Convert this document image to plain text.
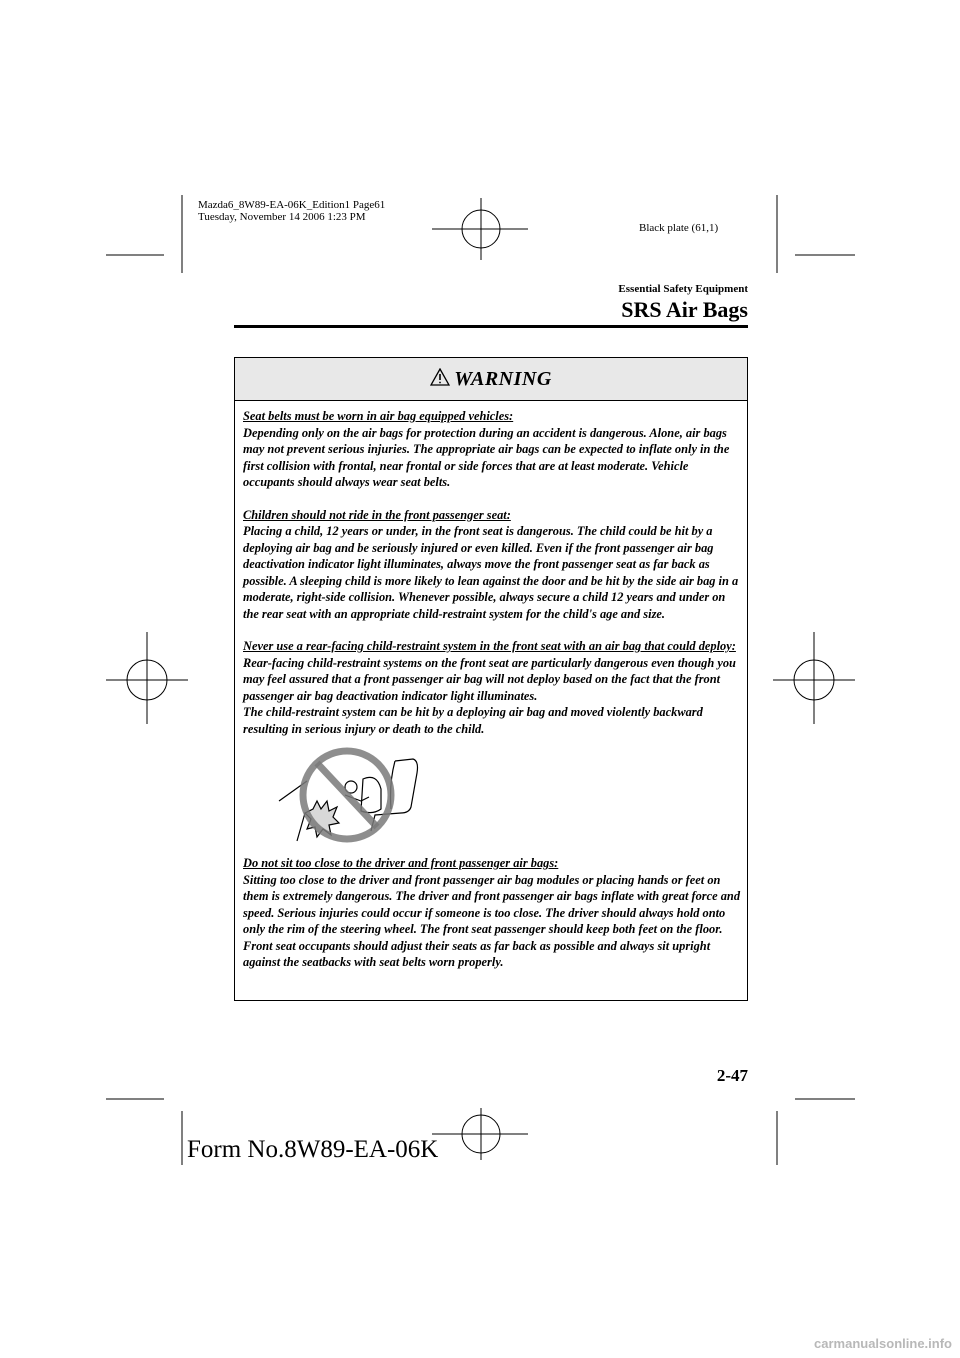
Mazda6_8W89-EA-06K_Edition1 Page61
Tuesday, November 14 2006 1:23 PM
Black plate (61,1)
Essential Safety Equipment
SRS Air Bags
WARNING

Seat belts must be worn in air bag equipped vehicles:
Depending only on the air bags for protection during an accident is dangerous. Alone, air bags may not prevent serious injuries. The appropriate air bags can be expected to inflate only in the first collision with frontal, near frontal or side forces that are at least moderate. Vehicle occupants should always wear seat belts.

Children should not ride in the front passenger seat:
Placing a child, 12 years or under, in the front seat is dangerous. The child could be hit by a deploying air bag and be seriously injured or even killed. Even if the front passenger air bag deactivation indicator light illuminates, always move the front passenger seat as far back as possible. A sleeping child is more likely to lean against the door and be hit by the side air bag in a moderate, right-side collision. Whenever possible, always secure a child 12 years and under on the rear seat with an appropriate child-restraint system for the child's age and size.

Never use a rear-facing child-restraint system in the front seat with an air bag that could deploy:
Rear-facing child-restraint systems on the front seat are particularly dangerous even though you may feel assured that a front passenger air bag will not deploy based on the fact that the front passenger air bag deactivation indicator light illuminates.
The child-restraint system can be hit by a deploying air bag and moved violently backward resulting in serious injury or death to the child.

Do not sit too close to the driver and front passenger air bags:
Sitting too close to the driver and front passenger air bag modules or placing hands or feet on them is extremely dangerous. The driver and front passenger air bags inflate with great force and speed. Serious injuries could occur if someone is too close. The driver should always hold onto only the rim of the steering wheel. The front seat passenger should keep both feet on the floor. Front seat occupants should adjust their seats as far back as possible and always sit upright against the seatbacks with seat belts worn properly.

2-47
Form No.8W89-EA-06K
carmanualsonline.info
